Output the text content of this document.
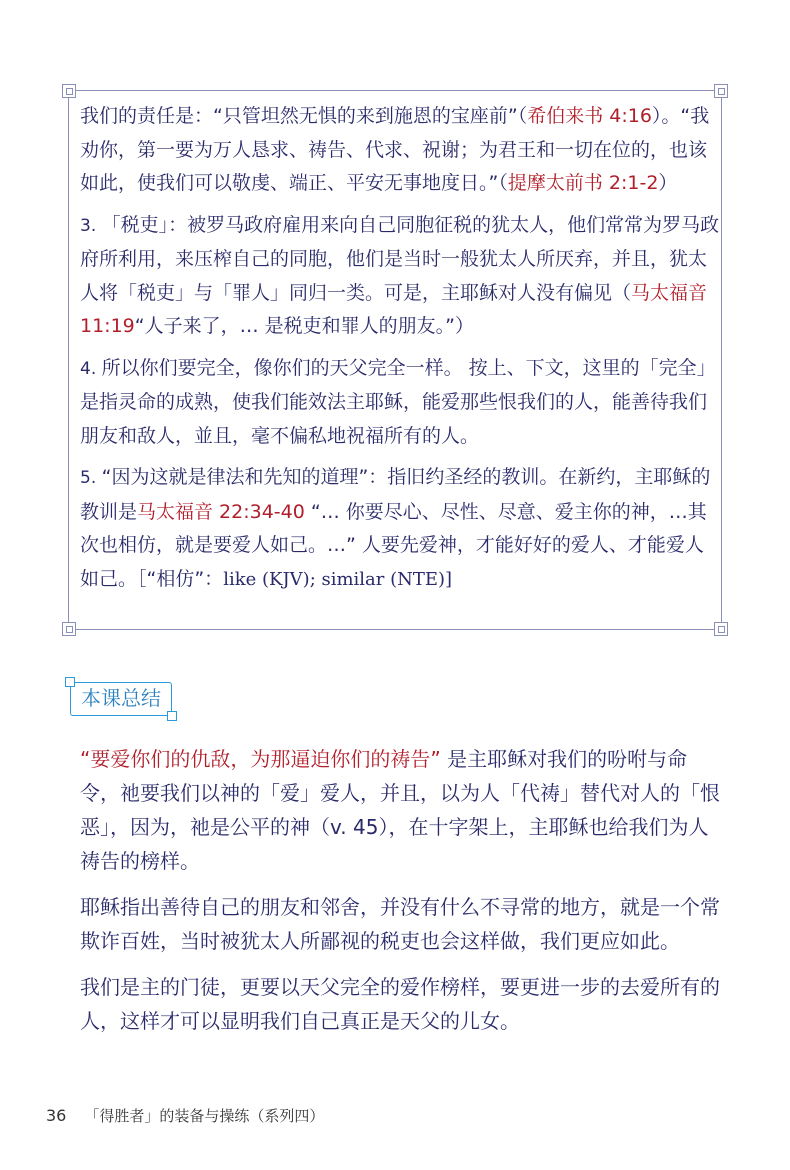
我们的责任是：“只管坦然无惧的来到施恩的宝座前”（希伯来书 4:16）。“我劝你，第一要为万人恳求、祷告、代求、祝谢；为君王和一切在位的，也该如此，使我们可以敬虔、端正、平安无事地度日。”（提摩太前书 2:1-2）

3. 「税吏」：被罗马政府雇用来向自己同胞征税的犹太人，他们常常为罗马政府所利用，来压榨自己的同胞，他们是当时一般犹太人所厌弃，并且，犹太人将「税吏」与「罪人」同归一类。可是，主耶稣对人没有偏见（马太福音 11:19“人子来了，… 是税吏和罪人的朋友。”）

4. 所以你们要完全，像你们的天父完全一样。 按上、下文，这里的「完全」是指灵命的成熟，使我们能效法主耶稣，能爱那些恨我们的人，能善待我们朋友和敌人，並且，毫不偏私地祝福所有的人。

5. “因为这就是律法和先知的道理”：指旧约圣经的教训。在新约，主耶稣的教训是马太福音 22:34-40 “… 你要尽心、尽性、尽意、爱主你的神，…其次也相仿，就是要爱人如己。…” 人要先爱神，才能好好的爱人、才能爱人如己。［“相仿”：like (KJV); similar (NTE)]

本课总结

“要爱你们的仇敌，为那逼迫你们的祷告” 是主耶稣对我们的吩咐与命令，祂要我们以神的「爱」爱人，并且，以为人「代祷」替代对人的「恨恶」，因为，祂是公平的神（v. 45），在十字架上，主耶稣也给我们为人祷告的榜样。

耶稣指出善待自己的朋友和邻舍，并没有什么不寻常的地方，就是一个常欺诈百姓，当时被犹太人所鄙视的税吏也会这样做，我们更应如此。

我们是主的门徒，更要以天父完全的爱作榜样，要更进一步的去爱所有的人，这样才可以显明我们自己真正是天父的儿女。

36 「得胜者」的装备与操练（系列四）
